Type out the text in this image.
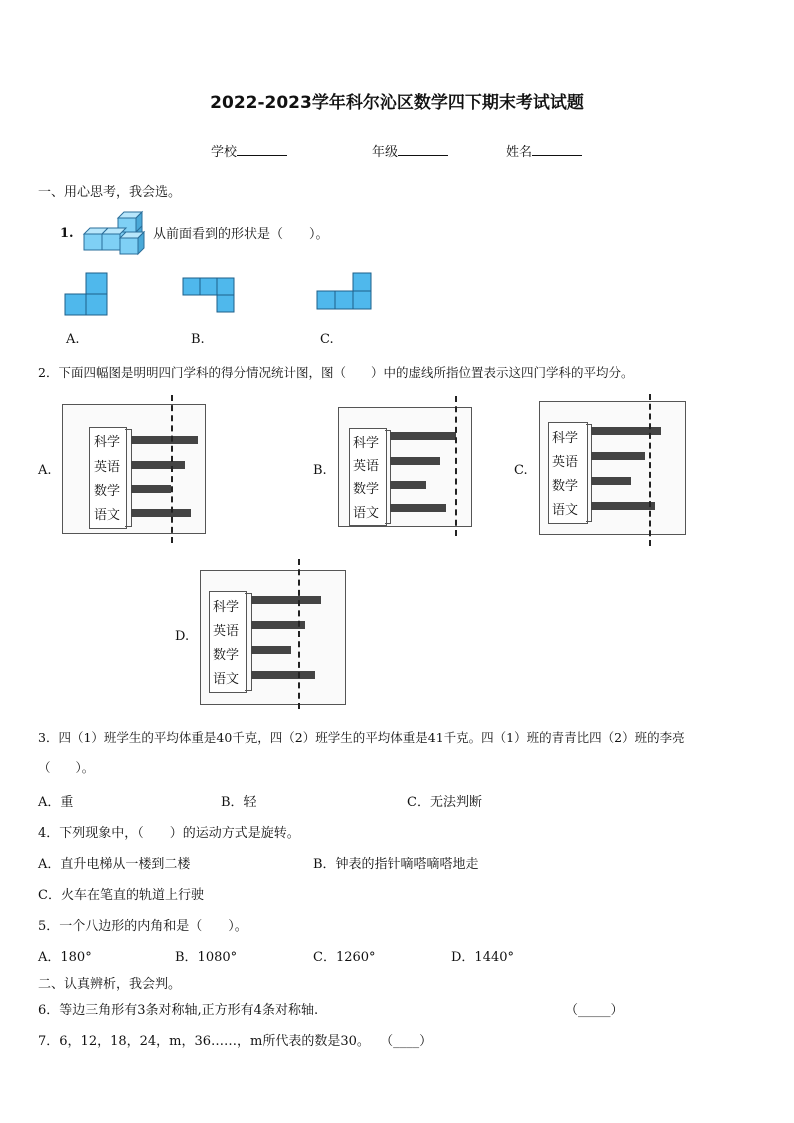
2022-2023学年科尔沁区数学四下期末考试试题
学校	年级	姓名
一、用心思考，我会选。
1.	从前面看到的形状是（　　）。
A.	B.	C.
2．下面四幅图是明明四门学科的得分情况统计图，图（　　）中的虚线所指位置表示这四门学科的平均分。
A.	B.	C.
D.
科学
英语
数学
语文
科学
英语
数学
语文
科学
英语
数学
语文
科学
英语
数学
语文
3．四（1）班学生的平均体重是40千克，四（2）班学生的平均体重是41千克。四（1）班的青青比四（2）班的李亮
（　　）。
A．重	B．轻	C．无法判断
4．下列现象中，（　　）的运动方式是旋转。
A．直升电梯从一楼到二楼	B．钟表的指针嘀嗒嘀嗒地走
C．火车在笔直的轨道上行驶
5．一个八边形的内角和是（　　）。
A．180°	B．1080°	C．1260°	D．1440°
二、认真辨析，我会判。
6．等边三角形有3条对称轴,正方形有4条对称轴.	（_____）
7．6，12，18，24，m，36……，m所代表的数是30。 （____）
